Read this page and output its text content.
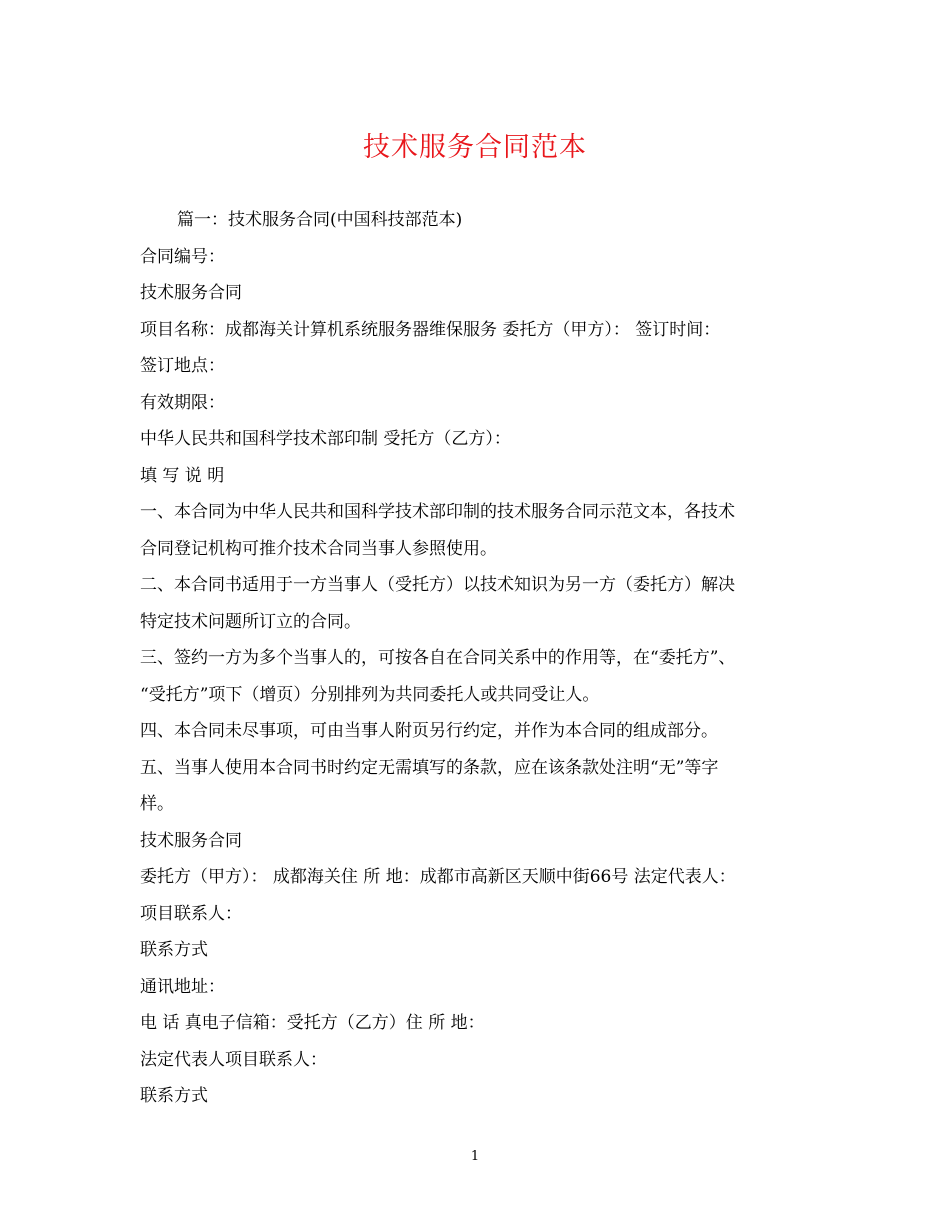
技术服务合同范本
篇一：技术服务合同(中国科技部范本)
合同编号：
技术服务合同
项目名称：成都海关计算机系统服务器维保服务 委托方（甲方）： 签订时间：
签订地点：
有效期限：
中华人民共和国科学技术部印制 受托方（乙方）：
填 写 说 明
一、本合同为中华人民共和国科学技术部印制的技术服务合同示范文本，各技术
合同登记机构可推介技术合同当事人参照使用。
二、本合同书适用于一方当事人（受托方）以技术知识为另一方（委托方）解决
特定技术问题所订立的合同。
三、签约一方为多个当事人的，可按各自在合同关系中的作用等，在“委托方”、
“受托方”项下（增页）分别排列为共同委托人或共同受让人。
四、本合同未尽事项，可由当事人附页另行约定，并作为本合同的组成部分。
五、当事人使用本合同书时约定无需填写的条款，应在该条款处注明“无”等字
样。
技术服务合同
委托方（甲方）： 成都海关住 所 地：成都市高新区天顺中街66号 法定代表人：
项目联系人：
联系方式
通讯地址：
电 话 真电子信箱：受托方（乙方）住 所 地：
法定代表人项目联系人：
联系方式
1
